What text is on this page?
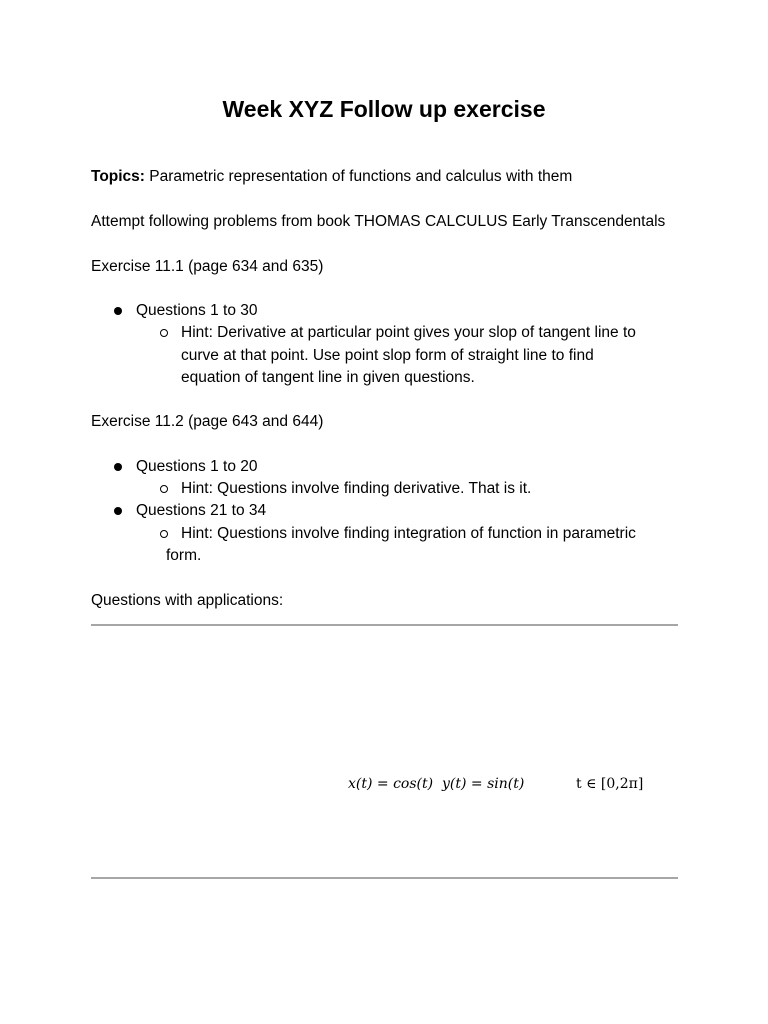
Week XYZ Follow up exercise
Topics: Parametric representation of functions and calculus with them
Attempt following problems from book THOMAS CALCULUS Early Transcendentals
Exercise 11.1 (page 634 and 635)
Questions 1 to 30
Hint: Derivative at particular point gives your slop of tangent line to
curve at that point. Use point slop form of straight line to find
equation of tangent line in given questions.
Exercise 11.2 (page 643 and 644)
Questions 1 to 20
Hint: Questions involve finding derivative. That is it.
Questions 21 to 34
Hint: Questions involve finding integration of function in parametric
form.
Questions with applications:
x(t) = cos(t) y(t) = sin(t)	t ∈ [0,2π]
